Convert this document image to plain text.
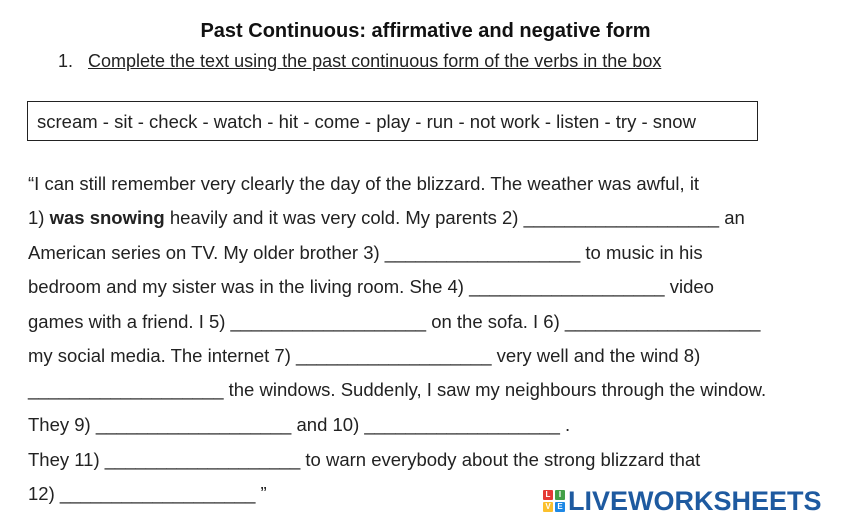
Past Continuous: affirmative and negative form
1. Complete the text using the past continuous form of the verbs in the box
scream - sit - check - watch - hit - come - play - run - not work - listen - try - snow
“I can still remember very clearly the day of the blizzard. The weather was awful, it
1) was snowing heavily and it was very cold. My parents 2) ___________________ an
American series on TV. My older brother 3) ___________________ to music in his
bedroom and my sister was in the living room. She 4) ___________________ video
games with a friend. I 5) ___________________ on the sofa. I 6) ___________________
my social media. The internet 7) ___________________ very well and the wind 8)
___________________ the windows. Suddenly, I saw my neighbours through the window.
They 9) ___________________ and 10) ___________________ .
They 11) ___________________ to warn everybody about the strong blizzard that
12) ___________________ ”	L	I
V E LIVEWORKSHEETS
